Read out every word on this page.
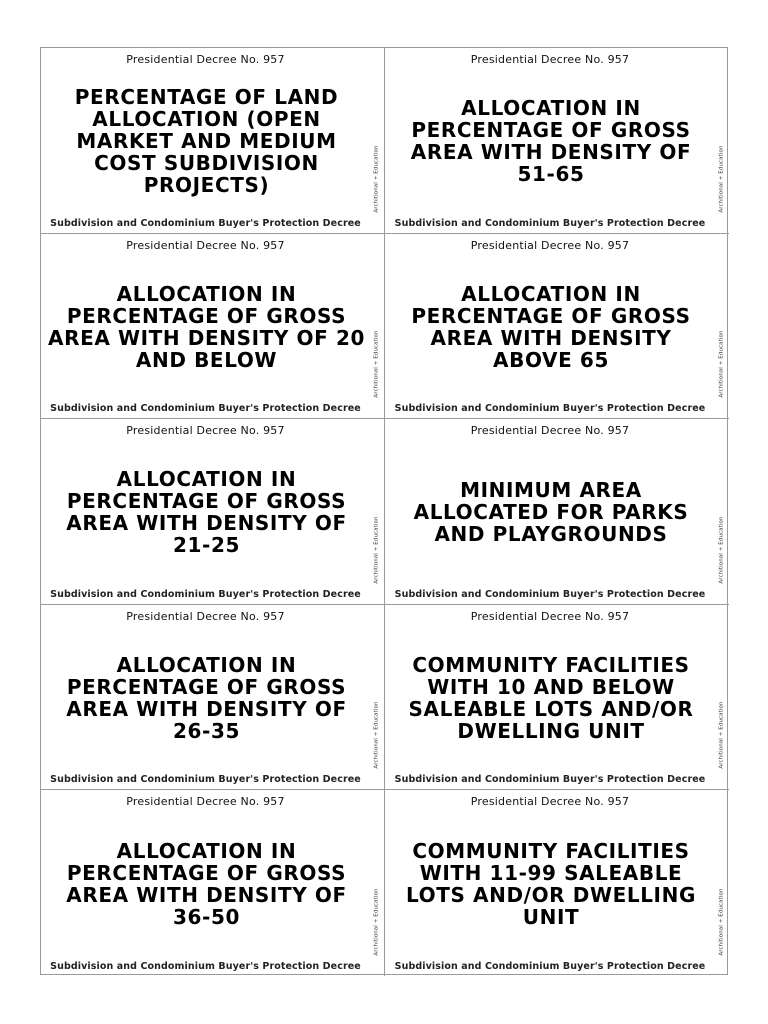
Presidential Decree No. 957
PERCENTAGE OF LAND ALLOCATION (OPEN MARKET AND MEDIUM COST SUBDIVISION PROJECTS)
Subdivision and Condominium Buyer's Protection Decree
Architional + Education
Presidential Decree No. 957
ALLOCATION IN PERCENTAGE OF GROSS AREA WITH DENSITY OF 51-65
Subdivision and Condominium Buyer's Protection Decree
Architional + Education
Presidential Decree No. 957
ALLOCATION IN PERCENTAGE OF GROSS AREA WITH DENSITY OF 20 AND BELOW
Subdivision and Condominium Buyer's Protection Decree
Architional + Education
Presidential Decree No. 957
ALLOCATION IN PERCENTAGE OF GROSS AREA WITH DENSITY ABOVE 65
Subdivision and Condominium Buyer's Protection Decree
Architional + Education
Presidential Decree No. 957
ALLOCATION IN PERCENTAGE OF GROSS AREA WITH DENSITY OF 21-25
Subdivision and Condominium Buyer's Protection Decree
Architional + Education
Presidential Decree No. 957
MINIMUM AREA ALLOCATED FOR PARKS AND PLAYGROUNDS
Subdivision and Condominium Buyer's Protection Decree
Architional + Education
Presidential Decree No. 957
ALLOCATION IN PERCENTAGE OF GROSS AREA WITH DENSITY OF 26-35
Subdivision and Condominium Buyer's Protection Decree
Architional + Education
Presidential Decree No. 957
COMMUNITY FACILITIES WITH 10 AND BELOW SALEABLE LOTS AND/OR DWELLING UNIT
Subdivision and Condominium Buyer's Protection Decree
Architional + Education
Presidential Decree No. 957
ALLOCATION IN PERCENTAGE OF GROSS AREA WITH DENSITY OF 36-50
Subdivision and Condominium Buyer's Protection Decree
Architional + Education
Presidential Decree No. 957
COMMUNITY FACILITIES WITH 11-99 SALEABLE LOTS AND/OR DWELLING UNIT
Subdivision and Condominium Buyer's Protection Decree
Architional + Education
